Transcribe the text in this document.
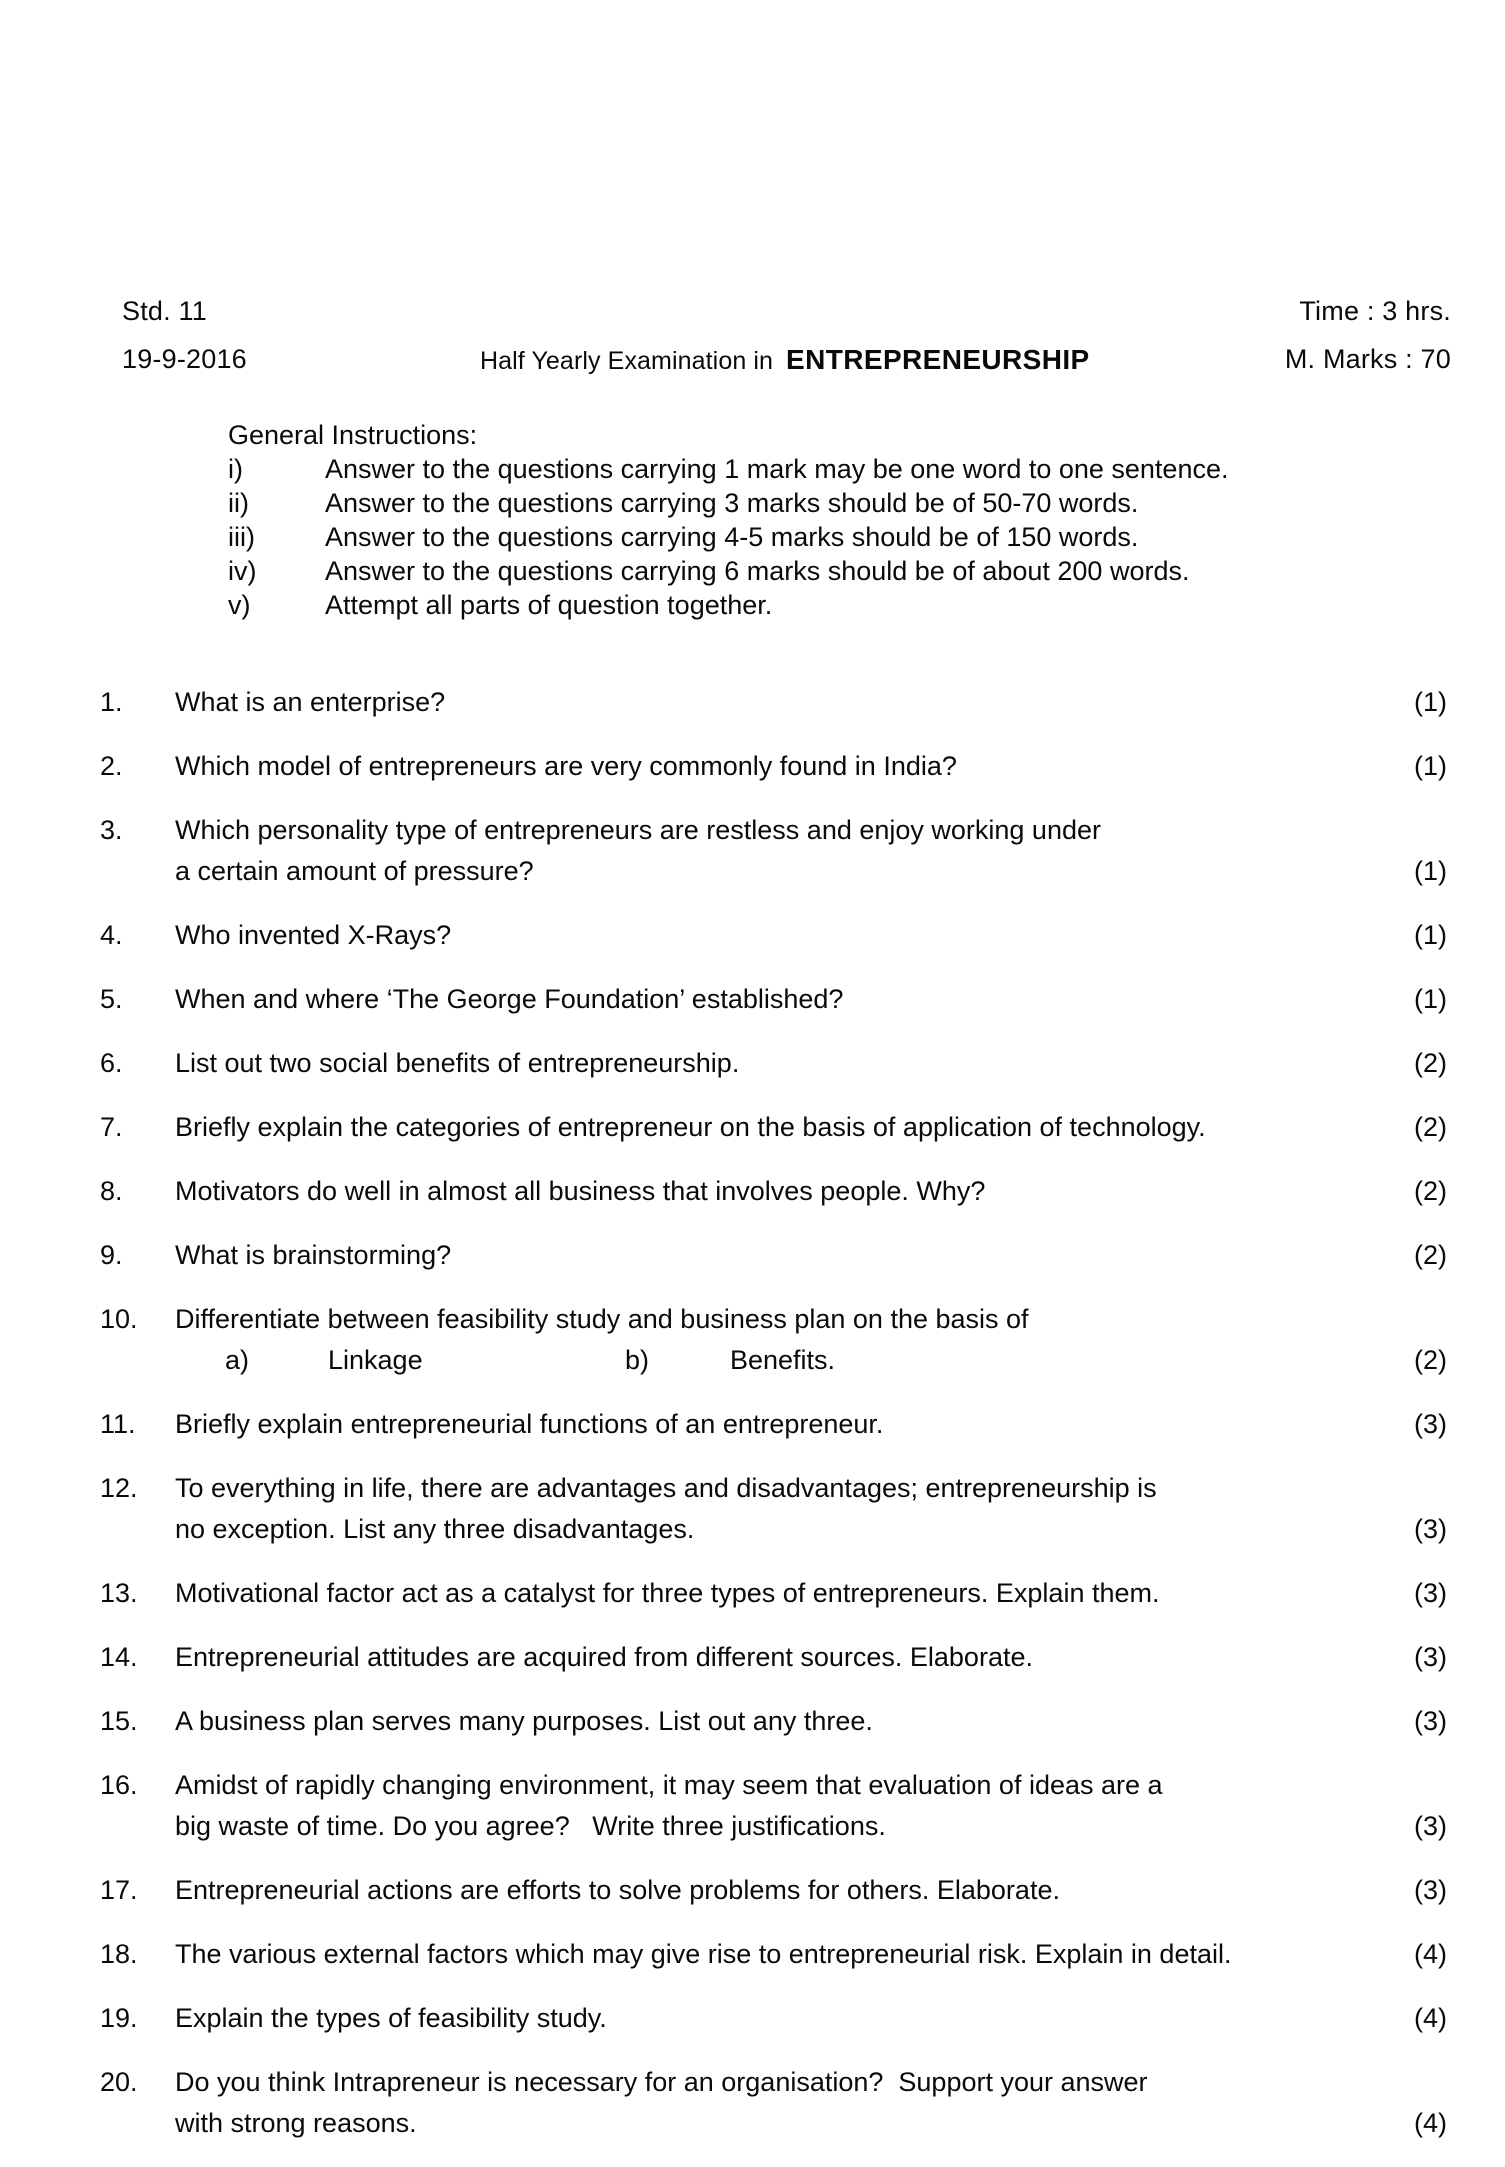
Std. 11	Time : 3 hrs.
19-9-2016	Half Yearly Examination in ENTREPRENEURSHIP	M. Marks : 70
General Instructions:
i)	Answer to the questions carrying 1 mark may be one word to one sentence.
ii)	Answer to the questions carrying 3 marks should be of 50-70 words.
iii)	Answer to the questions carrying 4-5 marks should be of 150 words.
iv)	Answer to the questions carrying 6 marks should be of about 200 words.
v)	Attempt all parts of question together.
1. What is an enterprise?	(1)
2. Which model of entrepreneurs are very commonly found in India?	(1)
3. Which personality type of entrepreneurs are restless and enjoy working under
a certain amount of pressure?	(1)
4. Who invented X-Rays?	(1)
5. When and where ‘The George Foundation’ established?	(1)
6. List out two social benefits of entrepreneurship.	(2)
7. Briefly explain the categories of entrepreneur on the basis of application of technology.	(2)
8. Motivators do well in almost all business that involves people. Why?	(2)
9. What is brainstorming?	(2)
10. Differentiate between feasibility study and business plan on the basis of
a)	Linkage	b)	Benefits.	(2)
11. Briefly explain entrepreneurial functions of an entrepreneur.	(3)
12. To everything in life, there are advantages and disadvantages; entrepreneurship is
no exception. List any three disadvantages.	(3)
13. Motivational factor act as a catalyst for three types of entrepreneurs. Explain them.	(3)
14. Entrepreneurial attitudes are acquired from different sources. Elaborate.	(3)
15. A business plan serves many purposes. List out any three.	(3)
16. Amidst of rapidly changing environment, it may seem that evaluation of ideas are a
big waste of time. Do you agree?   Write three justifications.	(3)
17. Entrepreneurial actions are efforts to solve problems for others. Elaborate.	(3)
18. The various external factors which may give rise to entrepreneurial risk. Explain in detail.	(4)
19. Explain the types of feasibility study.	(4)
20. Do you think Intrapreneur is necessary for an organisation?  Support your answer
with strong reasons.	(4)
